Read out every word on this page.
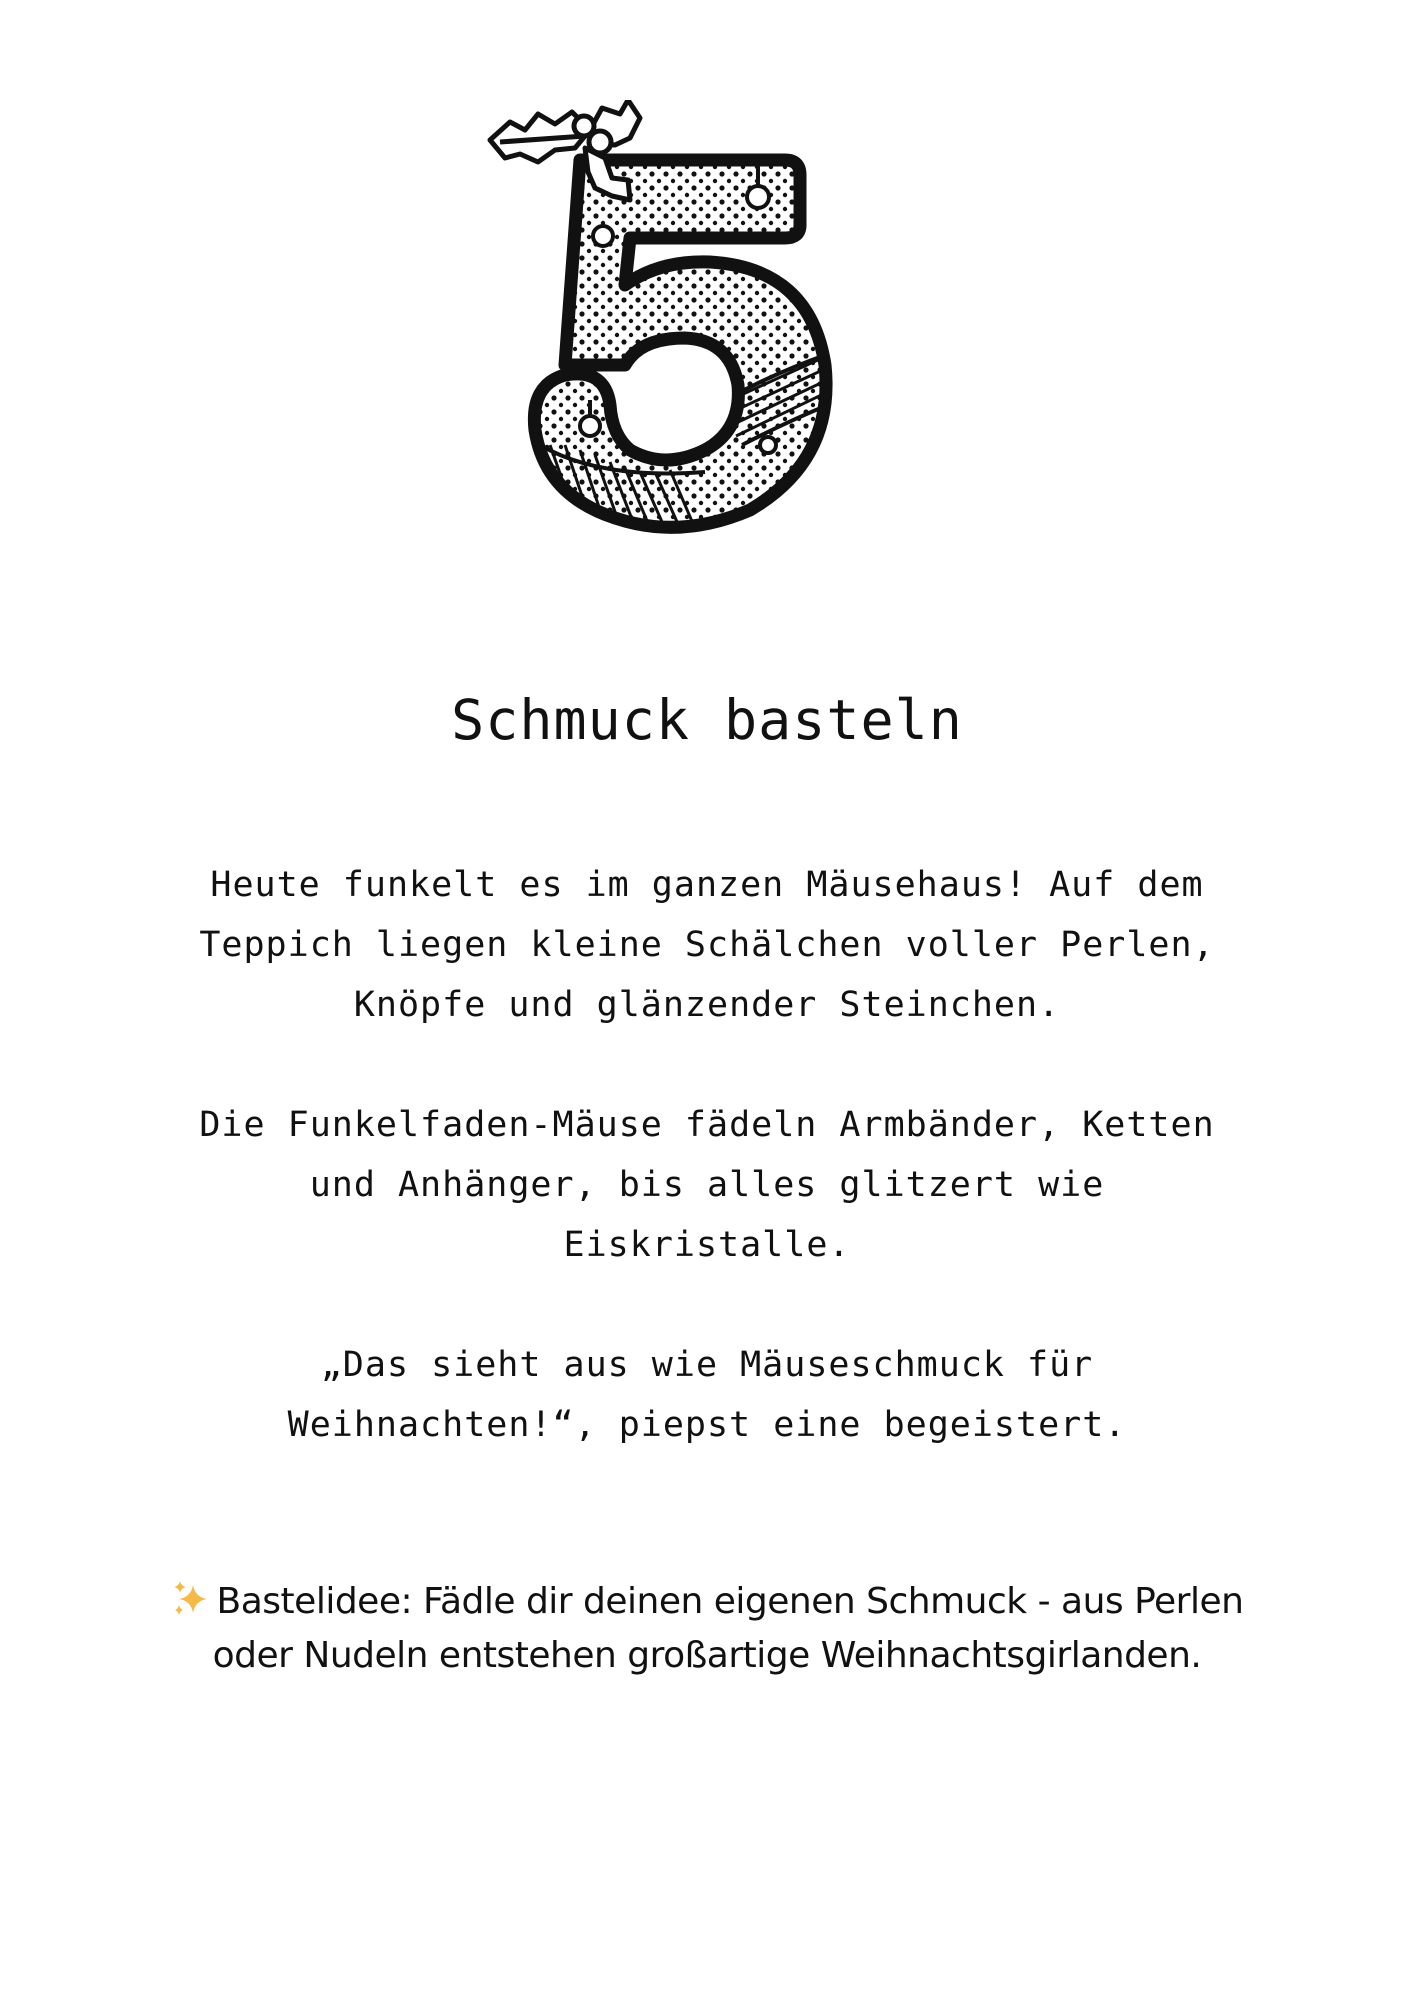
Schmuck basteln

Heute funkelt es im ganzen Mäusehaus! Auf dem Teppich liegen kleine Schälchen voller Perlen, Knöpfe und glänzender Steinchen.

Die Funkelfaden-Mäuse fädeln Armbänder, Ketten und Anhänger, bis alles glitzert wie Eiskristalle.

„Das sieht aus wie Mäuseschmuck für Weihnachten!“, piepst eine begeistert.

Bastelidee: Fädle dir deinen eigenen Schmuck - aus Perlen oder Nudeln entstehen großartige Weihnachtsgirlanden.
